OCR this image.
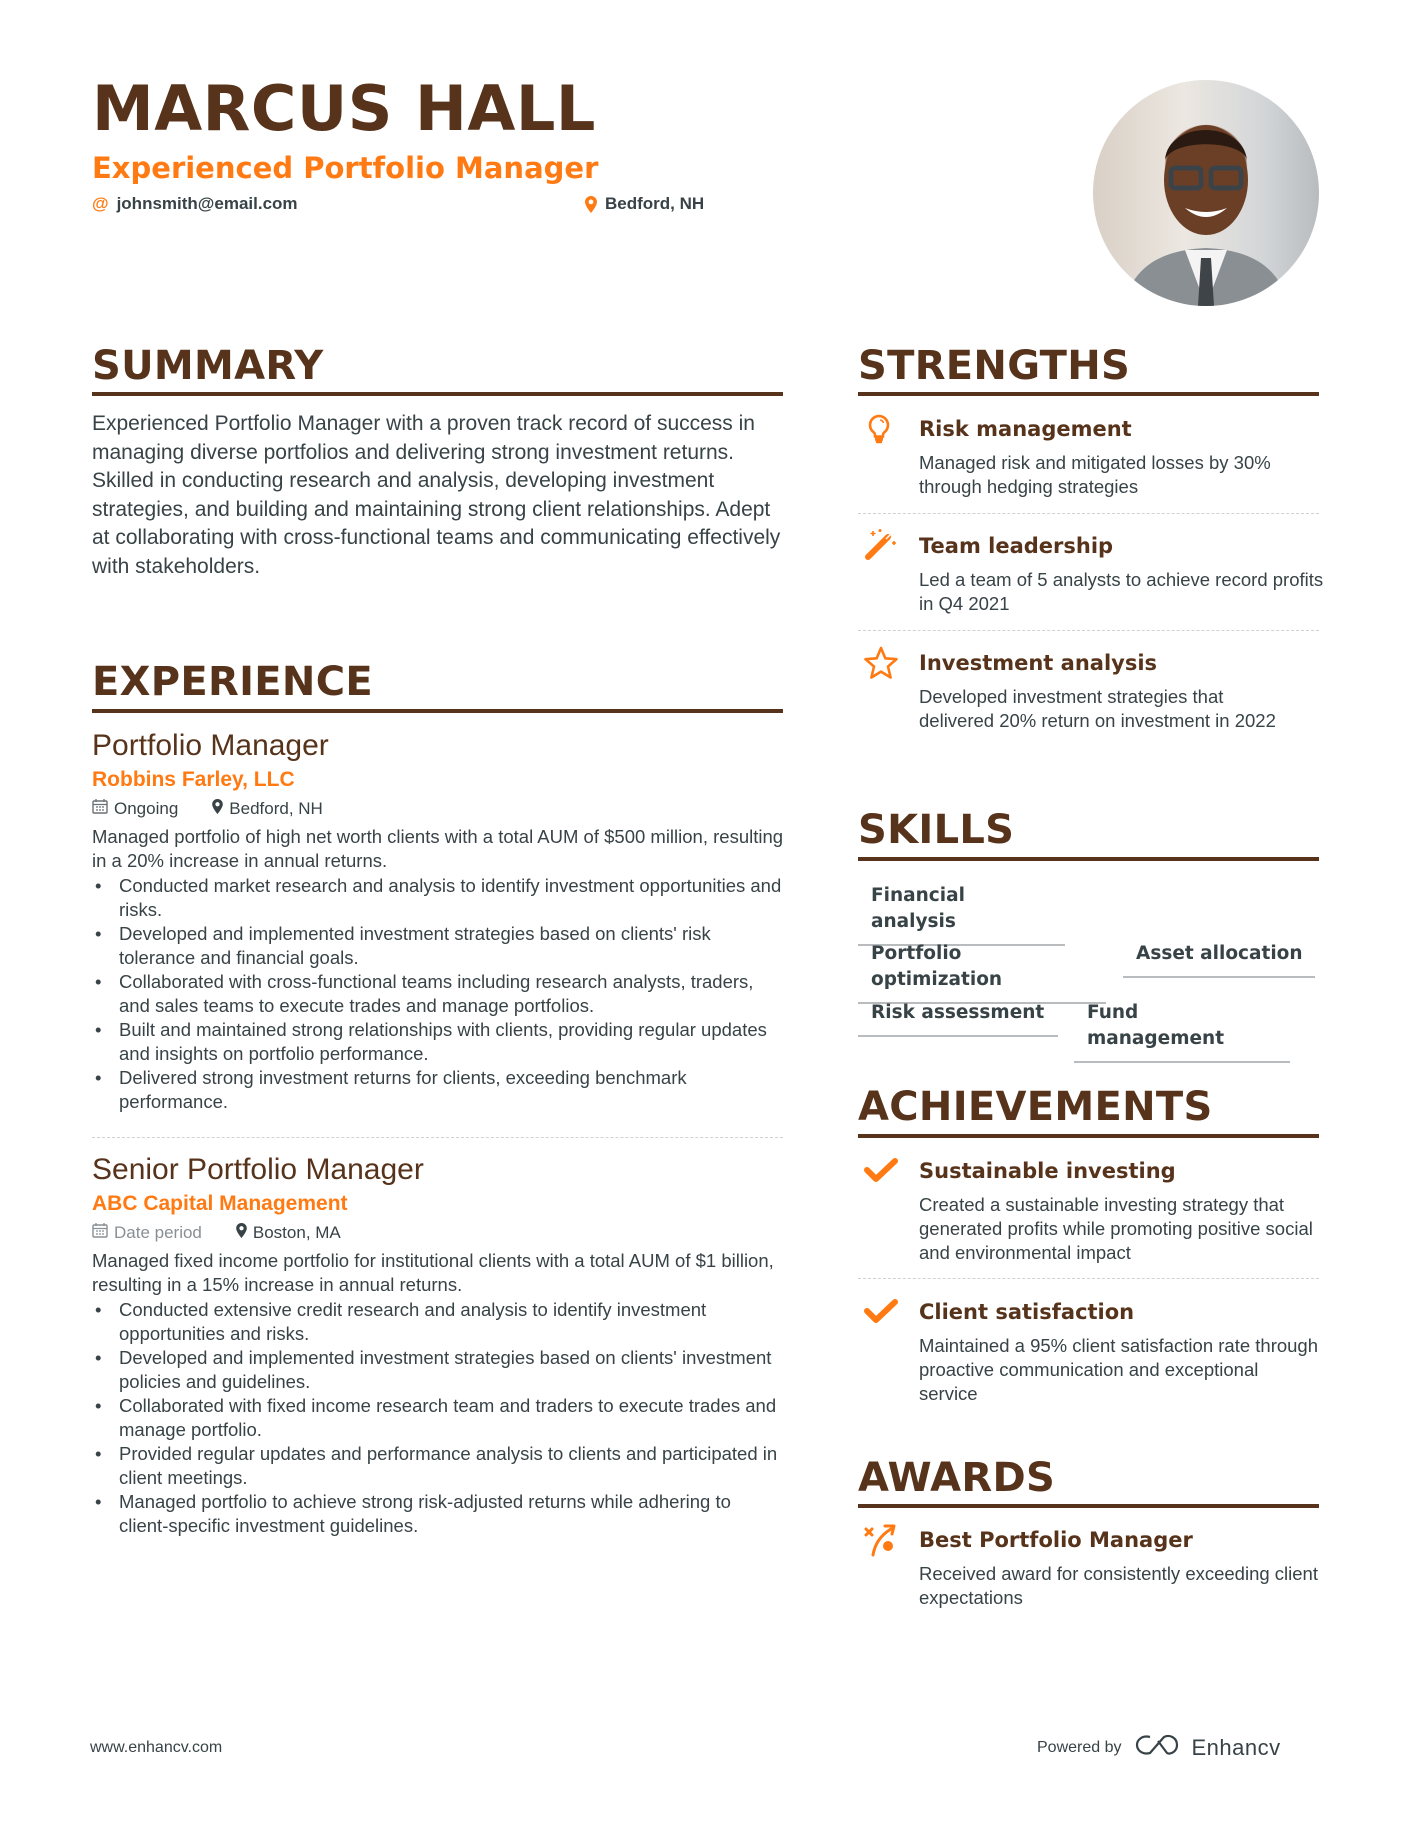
MARCUS HALL
Experienced Portfolio Manager
@ johnsmith@email.com	Bedford, NH
SUMMARY
Experienced Portfolio Manager with a proven track record of success in managing diverse portfolios and delivering strong investment returns. Skilled in conducting research and analysis, developing investment strategies, and building and maintaining strong client relationships. Adept at collaborating with cross-functional teams and communicating effectively with stakeholders.
EXPERIENCE
Portfolio Manager
Robbins Farley, LLC
Ongoing	Bedford, NH
Managed portfolio of high net worth clients with a total AUM of $500 million, resulting in a 20% increase in annual returns.
• Conducted market research and analysis to identify investment opportunities and risks.
• Developed and implemented investment strategies based on clients' risk tolerance and financial goals.
• Collaborated with cross-functional teams including research analysts, traders, and sales teams to execute trades and manage portfolios.
• Built and maintained strong relationships with clients, providing regular updates and insights on portfolio performance.
• Delivered strong investment returns for clients, exceeding benchmark performance.
Senior Portfolio Manager
ABC Capital Management
Date period	Boston, MA
Managed fixed income portfolio for institutional clients with a total AUM of $1 billion, resulting in a 15% increase in annual returns.
• Conducted extensive credit research and analysis to identify investment opportunities and risks.
• Developed and implemented investment strategies based on clients' investment policies and guidelines.
• Collaborated with fixed income research team and traders to execute trades and manage portfolio.
• Provided regular updates and performance analysis to clients and participated in client meetings.
• Managed portfolio to achieve strong risk-adjusted returns while adhering to client-specific investment guidelines.
STRENGTHS
Risk management
Managed risk and mitigated losses by 30% through hedging strategies
Team leadership
Led a team of 5 analysts to achieve record profits in Q4 2021
Investment analysis
Developed investment strategies that delivered 20% return on investment in 2022
SKILLS
Financial analysis
Portfolio optimization
Asset allocation
Risk assessment	Fund management
ACHIEVEMENTS
Sustainable investing
Created a sustainable investing strategy that generated profits while promoting positive social and environmental impact
Client satisfaction
Maintained a 95% client satisfaction rate through proactive communication and exceptional service
AWARDS
Best Portfolio Manager
Received award for consistently exceeding client expectations
www.enhancv.com	Powered by	Enhancv
